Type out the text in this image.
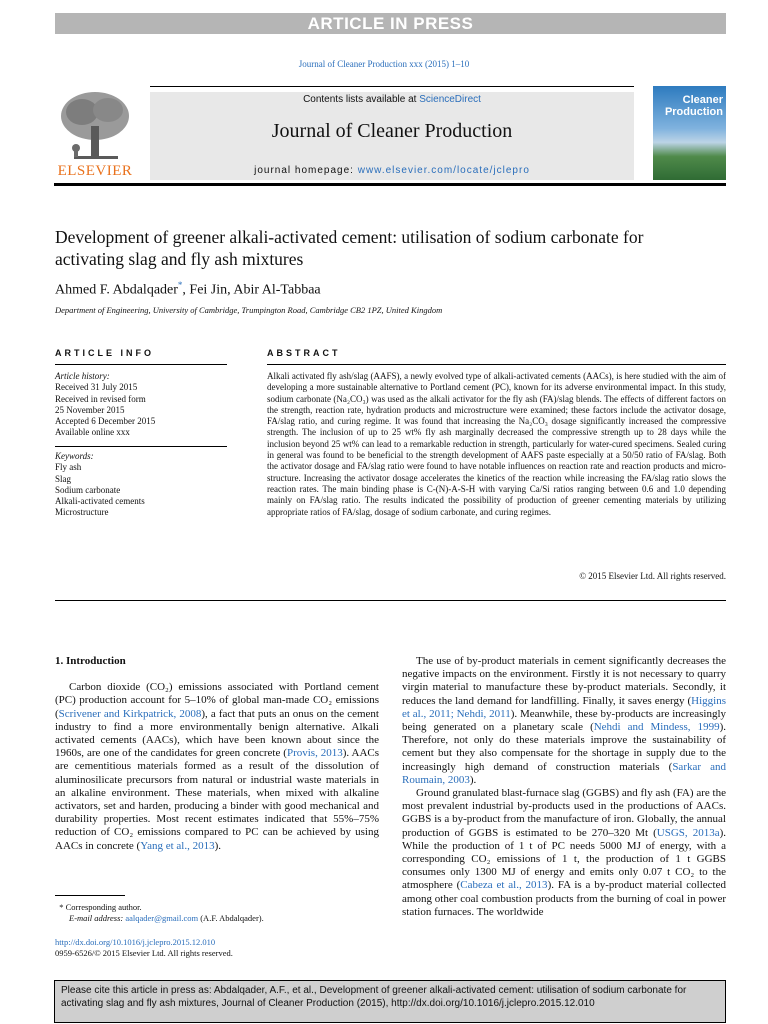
ARTICLE IN PRESS
Journal of Cleaner Production xxx (2015) 1–10
ELSEVIER
Contents lists available at ScienceDirect
Journal of Cleaner Production
journal homepage: www.elsevier.com/locate/jclepro
Cleaner Production
Development of greener alkali-activated cement: utilisation of sodium carbonate for activating slag and fly ash mixtures
Ahmed F. Abdalqader*, Fei Jin, Abir Al-Tabbaa
Department of Engineering, University of Cambridge, Trumpington Road, Cambridge CB2 1PZ, United Kingdom
ARTICLE INFO	ABSTRACT
Article history:
Received 31 July 2015
Received in revised form
25 November 2015
Accepted 6 December 2015
Available online xxx
Keywords:
Fly ash
Slag
Sodium carbonate
Alkali-activated cements
Microstructure
Alkali activated fly ash/slag (AAFS), a newly evolved type of alkali-activated cements (AACs), is here studied with the aim of developing a more sustainable alternative to Portland cement (PC), known for its adverse environmental impact. In this study, sodium carbonate (Na₂CO₃) was used as the alkali activator for the fly ash (FA)/slag blends. The effects of different factors on the strength, reaction rate, hydration products and microstructure were examined; these factors include the activator dosage, FA/slag ratio, and curing regime. It was found that increasing the Na₂CO₃ dosage significantly increased the compressive strength. The inclusion of up to 25 wt% fly ash marginally decreased the compressive strength up to 28 days while the inclusion beyond 25 wt% can lead to a remarkable reduction in strength, particularly for water-cured specimens. Sealed curing in general was found to be beneficial to the strength development of AAFS paste especially at a 50/50 ratio of FA/slag. Both the activator dosage and FA/slag ratio were found to have notable influences on reaction rate and reaction products and micro-structure. Increasing the activator dosage accelerates the kinetics of the reaction while increasing the FA/slag ratio slows the reaction rates. The main binding phase is C-(N)-A-S-H with varying Ca/Si ratios ranging between 0.6 and 1.0 depending mainly on FA/slag ratio. The results indicated the possibility of production of greener cementing materials by utilizing appropriate ratios of FA/slag, dosage of sodium carbonate, and curing regimes.
© 2015 Elsevier Ltd. All rights reserved.

1. Introduction

Carbon dioxide (CO₂) emissions associated with Portland cement (PC) production account for 5–10% of global man-made CO₂ emissions (Scrivener and Kirkpatrick, 2008), a fact that puts an onus on the cement industry to find a more environmentally benign alternative. Alkali activated cements (AACs), which have been known about since the 1960s, are one of the candidates for green concrete (Provis, 2013). AACs are cementitious materials formed as a result of the dissolution of aluminosilicate precursors from natural or industrial waste materials in an alkaline environment. These materials, when mixed with alkaline activators, set and harden, producing a binder with good mechanical and durability properties. Most recent estimates indicated that 55%–75% reduction of CO₂ emissions compared to PC can be achieved by using AACs in concrete (Yang et al., 2013).

The use of by-product materials in cement significantly decreases the negative impacts on the environment. Firstly it is not necessary to quarry virgin material to manufacture these by-product materials. Secondly, it reduces the land demand for landfilling. Finally, it saves energy (Higgins et al., 2011; Nehdi, 2011). Meanwhile, these by-products are increasingly being generated on a planetary scale (Nehdi and Mindess, 1999). Therefore, not only do these materials improve the sustainability of cement but they also compensate for the shortage in supply due to the increasingly high demand of construction materials (Sarkar and Roumain, 2003).

Ground granulated blast-furnace slag (GGBS) and fly ash (FA) are the most prevalent industrial by-products used in the productions of AACs. GGBS is a by-product from the manufacture of iron. Globally, the annual production of GGBS is estimated to be 270–320 Mt (USGS, 2013a). While the production of 1 t of PC needs 5000 MJ of energy, with a corresponding CO₂ emissions of 1 t, the production of 1 t GGBS consumes only 1300 MJ of energy and emits only 0.07 t CO₂ to the atmosphere (Cabeza et al., 2013). FA is a by-product material collected among other coal combustion products from the burning of coal in power station furnaces. The worldwide

* Corresponding author.
E-mail address: aalqader@gmail.com (A.F. Abdalqader).
http://dx.doi.org/10.1016/j.jclepro.2015.12.010
0959-6526/© 2015 Elsevier Ltd. All rights reserved.
Please cite this article in press as: Abdalqader, A.F., et al., Development of greener alkali-activated cement: utilisation of sodium carbonate for activating slag and fly ash mixtures, Journal of Cleaner Production (2015), http://dx.doi.org/10.1016/j.jclepro.2015.12.010
